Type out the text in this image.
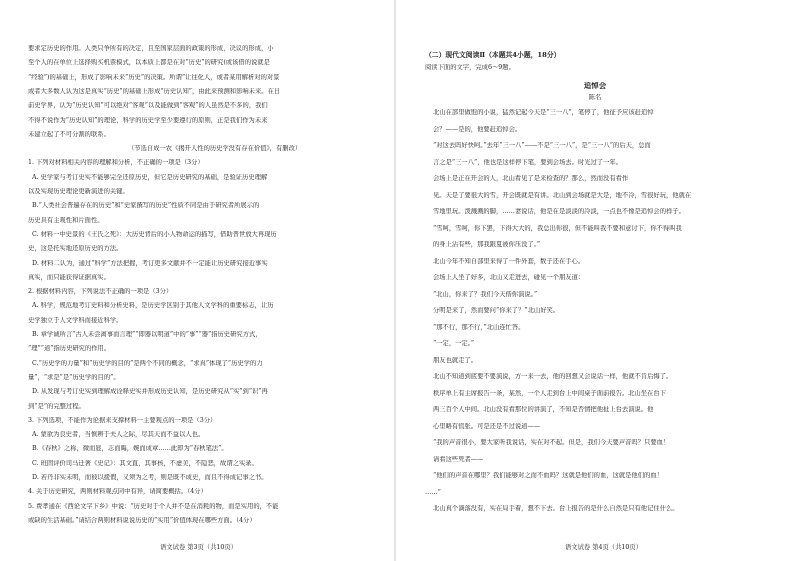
要求定历史的作用。人类只争所有的决定，且至国家层面的政策的形成，决议的形成，小
至个人的在单位上选择购买机票模式，以本质上都是在对“历史”的研究(或该借的说就是
“经验”)的基础上，形成了影响未来“历史”的决策。所谓“让往化人，或者某用解析对的对景
或者大多数人认为这是真实“历史”的基础上形成“历史认知”，由此来预测和影响未来。在日
前史学界，认为“历史认知”可以绝对“客观”以及能做到“客观”的人虽然是不多的，我们
不得不说作为“历史认知”的理论，科学的历史学至少要遵行的原则，正是我们作为未来
未建立起了不可分割的联系。
（节选自成一农《揭开人性的历史学没有存在价值》，有删改）
1. 下列对材料相关内容的理解和分析，不正确的一项是（3分）
A. 史学家与考订史实不能够完全还原历史，但它是历史研究的基础，是验证历史理解
以及实现历史理论更新演进的关键。
B.“人类社会普遍存在的历史”和“史家撰写的历史”性质不同是由于研究者所展示的
历史具有主观性和片面性。
C. 材料一中史景的《王氏之死》：大历史背后的小人物命运的描写，借助普世放大再现历
史，这是托实地还原历史的方法。
D. 材料二认为，通过“科学”方法把握，考订更多文献并不一定能让历史研究接近事实
真实，而只能获得证据真实。
2. 根据材料内容，下列说法不正确的一项是（3分）
A. 科学，规范地考订史料和分析史料，是历史学区别于其他人文学科的重要标志，让历
史学独立于人文学科而接近科学。
B. 章学诚所言“古人未尝离事而言理”“即器以明道”中的“事”“器”指历史研究方式，
“理”“道”指历史研究的作用。
C.“历史学的力量”和“历史学的目的”是两个不同的概念，“求真”体现了“历史学的力
量”，“求是”是“历史学的目的”。
D. 从发现与考订史实到理解成诠释史实并形成历史认知，是历史研究从“实”到“识”再
到“是”的完整过程。
3. 下列选项，不能作为论据来支撑材料一主要观点的一项是（3分）
A. 蒙欲为良史者，当慎辨于夫人之际，尽其天而不益以人也。
B.《春秋》之称，微而显，志而晦，婉而成章……此即为“春秋笔法”。
C. 班固评价司马迁著《史记》：其文直，其事核，不虚美，不隐恶，故谓之实录。
D. 若丹非实未明，而彼以援假，又须为之考，则是既不成史，而且不得成记事之书。
4. 关于历史研究，两则材料观点同中有异，请简要概括。（4分）
5. 费孝通在《西论文字下乡》中说：“历史对于个人并不是在消耗的物，而是实用的，不能
或缺的生活基础。”请结合两则材料说说历史的“实用”价值体现在哪些方面。（4分）
语文试卷 第3页（共10页）
（二）现代文阅读Ⅱ（本题共4小题，18分）
阅读下面的文字，完成6～9题。
追悼会
陈名
北山在部里做饱的小说，猛然记起今天是“三一八”，笔停了，他征予应该赶追悼
会？——是的，他要赶追悼会。
“对这去吗好快呵。”去年“三一八”——不是“三一八”，是“三一八”的后天，总而
言之是“三一八”，他也是这样停下笔，要到会场去。时光过了一年。
会场上是正在开会的人，北山看见了是来检查的？那么，然而没有看作
见。天是了要很大的雪，开会既就是有讲。北山到会场就是大是，地不冷，雪很好玩，他就在
雪地里玩。泼溅溅的脚，……妻说话，他是在是淡淡的冷淡，一点也不像是追悼会的样子。
“雪呵，雪呵，你下罢，下得大大的，我总出你很，但不能叫我不要和意讨下，你不得叫我
的身上沾有些，那我跟夏被你压没了。”
北山今年不知自部里来得了一件外套，数子还在手心。
会场上人坐了好多，北山又走进去，碰见一个朋友道：
“北山，你来了？我们今天偕你演说。”
分明是来了，然而要问“你来了？”北山好笑。
“那不行，那不行，”北山连忙答。
“一定，一定。”
朋友也就走了。
北山不知道到底要不要演说，方一来一去，他的回想又会说话一样，他就不肯后悔了。
秩序单上有主席报告一条，某然，一个人走到台上中间桌子面前报告。北山坐在台下
两三百个人中间。北山没有看那位的讲演了，不知是否情把他扯上台去演说。他
心里略有慌张。可是还是不过说道——
“我的声音很小，要大家听我说话，实在对不起。但是，我们今天要声音吗？只要血！
请看这些死者——
“他们的声音在哪里？我们能够对之而不血吗？这就是他们的血，这就是他们的血！
……”
北山真个滴落没有，实在局手着，想不下去。台上报告的是什么自然是只有他记住什么。
语文试卷 第4页（共10页）
